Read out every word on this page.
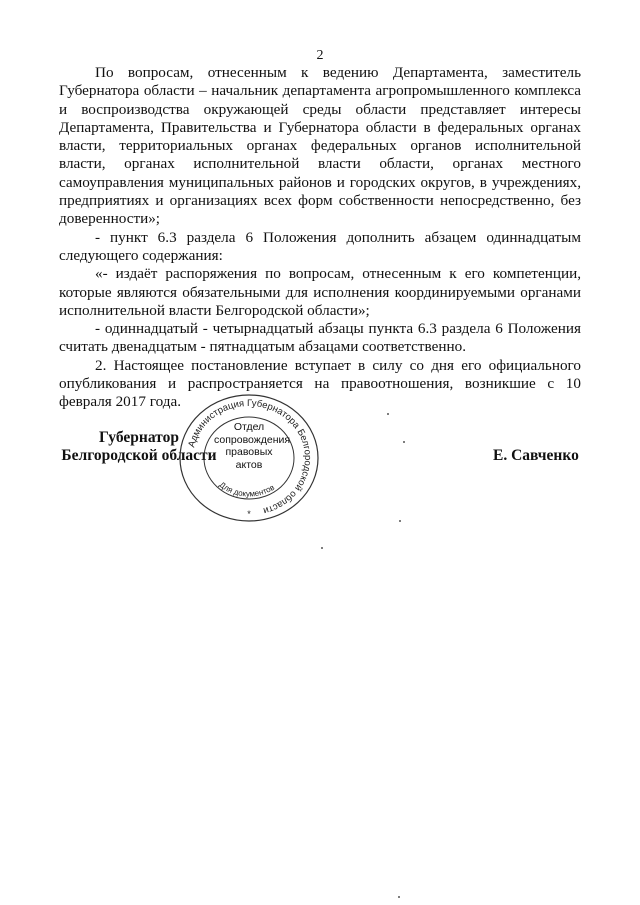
2

По вопросам, отнесенным к ведению Департамента, заместитель Губернатора области – начальник департамента агропромышленного комплекса и воспроизводства окружающей среды области представляет интересы Департамента, Правительства и Губернатора области в федеральных органах власти, территориальных органах федеральных органов исполнительной власти, органах исполнительной власти области, органах местного самоуправления муниципальных районов и городских округов, в учреждениях, предприятиях и организациях всех форм собственности непосредственно, без доверенности»;

- пункт 6.3 раздела 6 Положения дополнить абзацем одиннадцатым следующего содержания:

«- издаёт распоряжения по вопросам, отнесенным к его компетенции, которые являются обязательными для исполнения координируемыми органами исполнительной власти Белгородской области»;

- одиннадцатый - четырнадцатый абзацы пункта 6.3 раздела 6 Положения считать двенадцатым - пятнадцатым абзацами соответственно.

2. Настоящее постановление вступает в силу со дня его официального опубликования и распространяется на правоотношения, возникшие с 10 февраля 2017 года.

Губернатор
Белгородской области	Е. Савченко
Администрация Губернатора Белгородской области
Для документов
*
Отдел
сопровождения
правовых
актов
